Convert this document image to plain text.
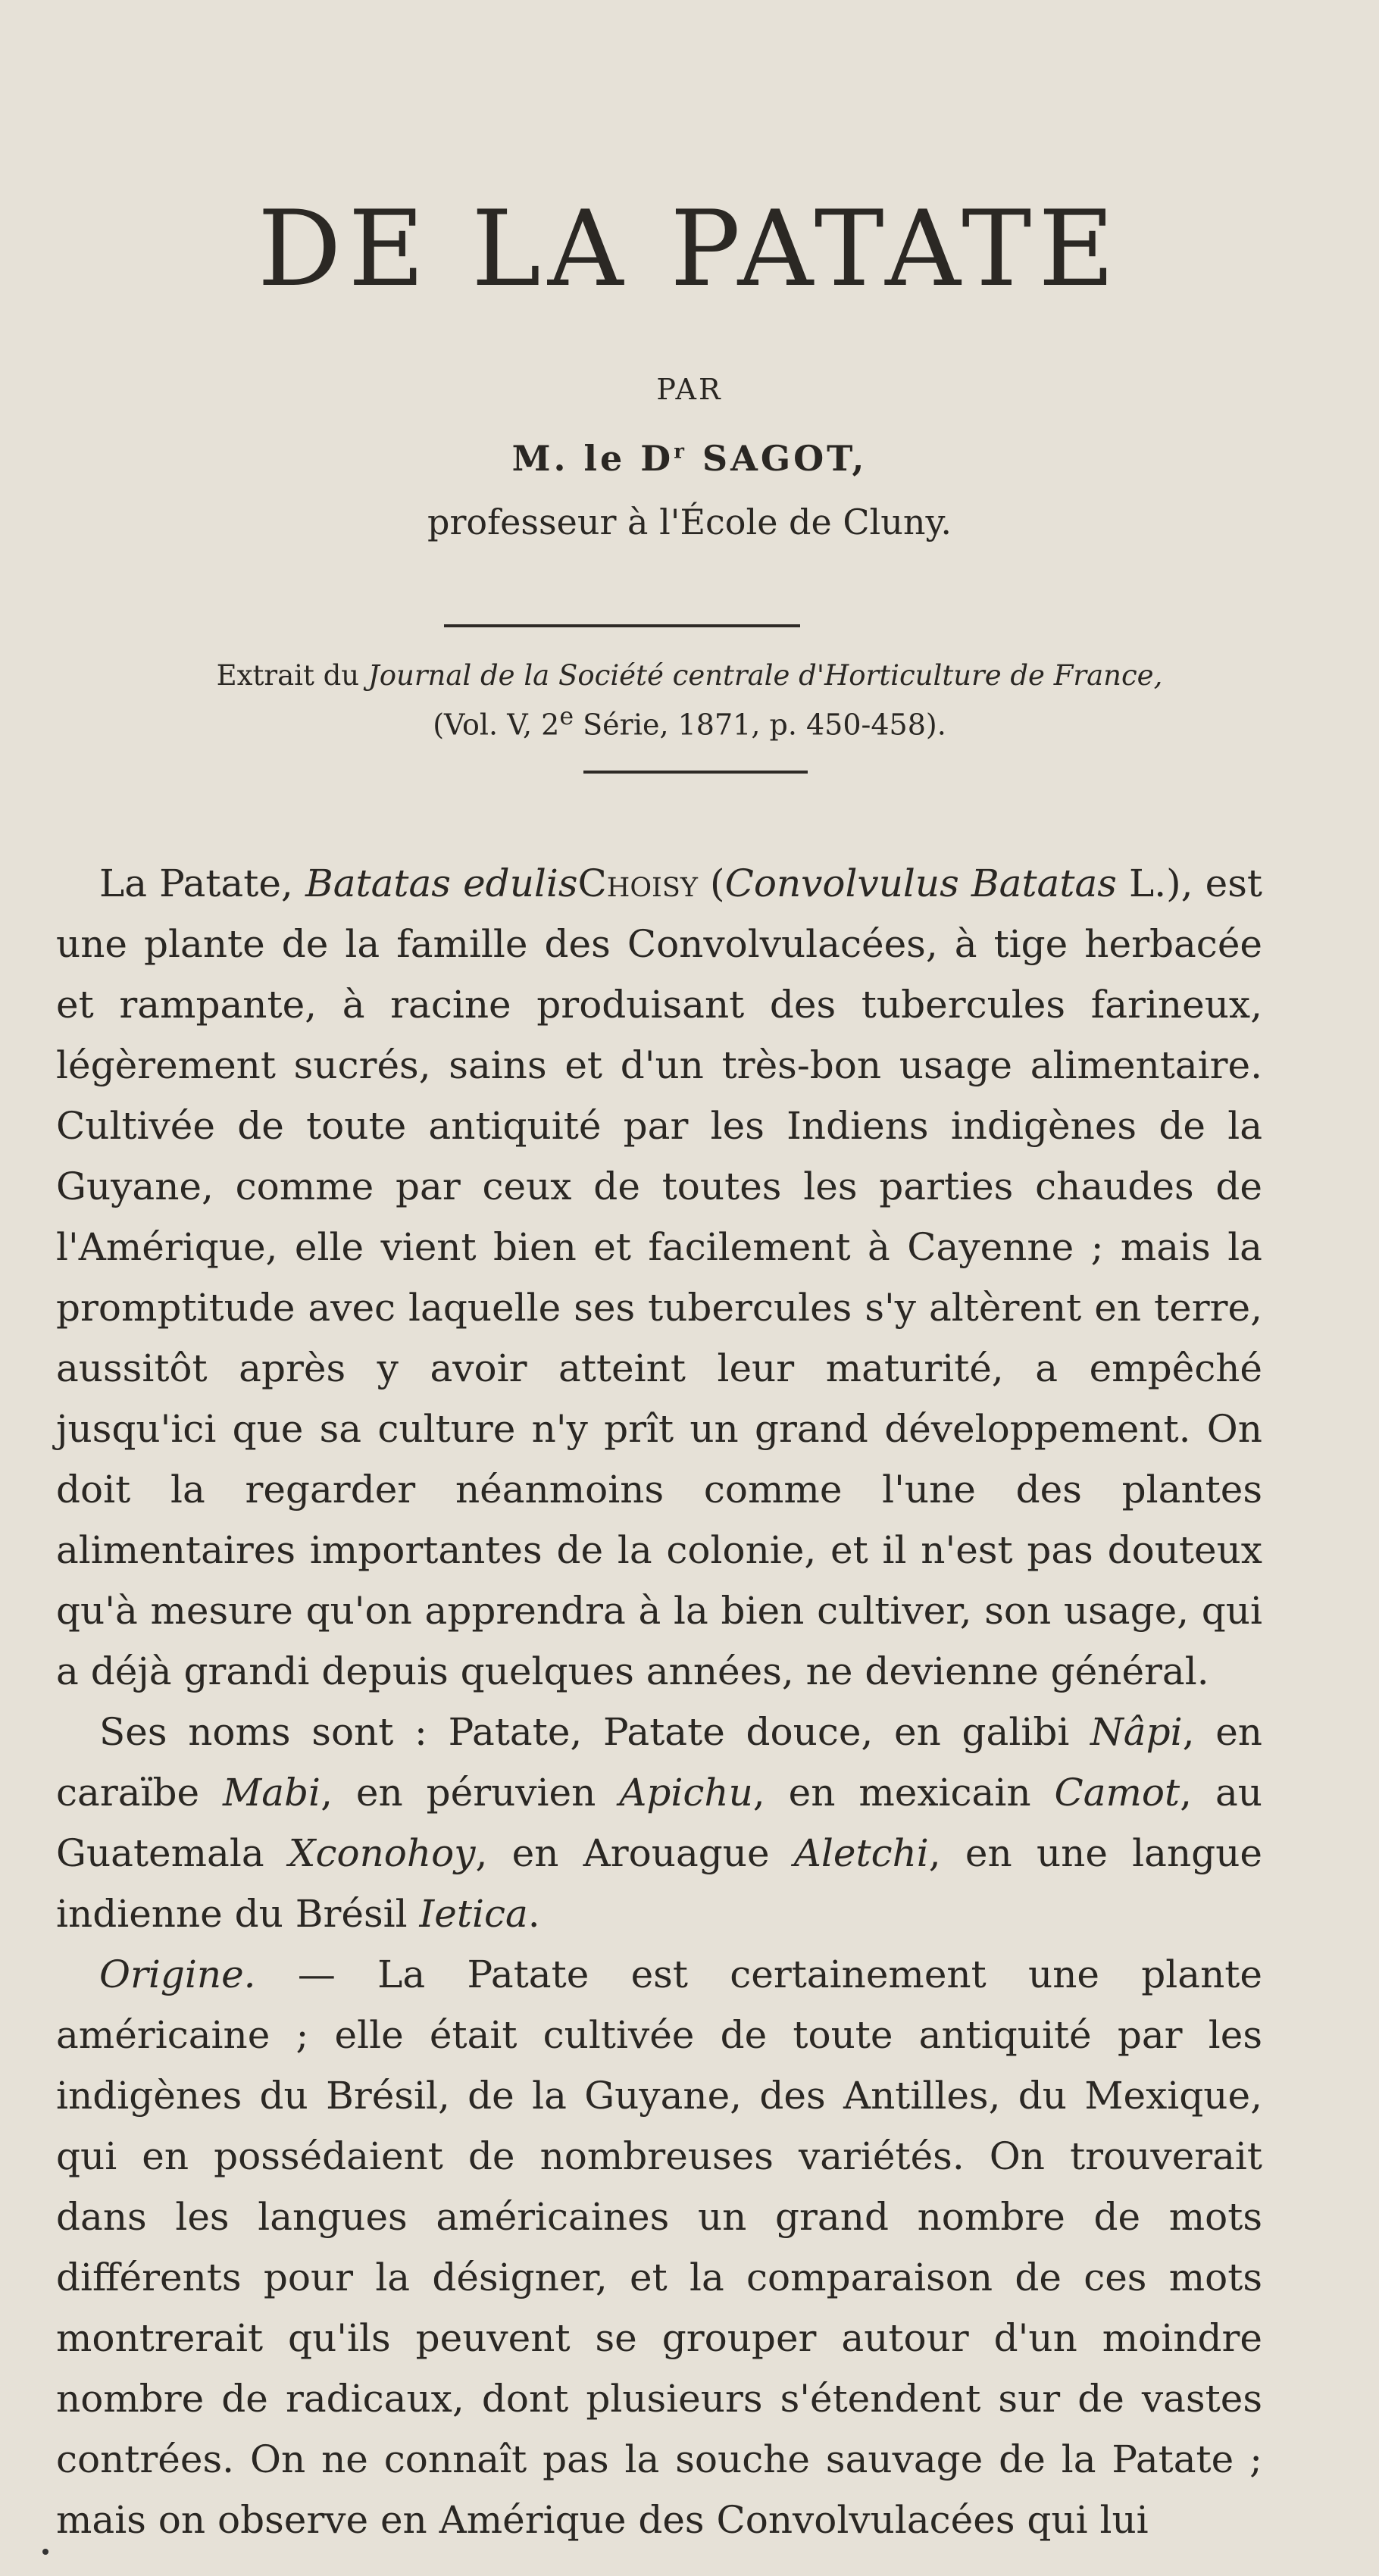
DE LA PATATE
PAR
M. le $D^r$ SAGOT,
professeur à l'École de Cluny.
Extrait du Journal de la Société centrale d'Horticulture de France,
(Vol. V, 2e Série, 1871, p. 450-458).

La Patate, Batatas edulisChoisy (Convolvulus Batatas L.), est une plante de la famille des Convolvulacées, à tige herbacée et rampante, à racine produisant des tubercules farineux, légèrement sucrés, sains et d'un très-bon usage alimentaire. Cultivée de toute antiquité par les Indiens indigènes de la Guyane, comme par ceux de toutes les parties chaudes de l'Amérique, elle vient bien et facilement à Cayenne ; mais la promptitude avec laquelle ses tubercules s'y altèrent en terre, aussitôt après y avoir atteint leur maturité, a empêché jusqu'ici que sa culture n'y prît un grand développement. On doit la regarder néanmoins comme l'une des plantes alimentaires importantes de la colonie, et il n'est pas douteux qu'à mesure qu'on apprendra à la bien cultiver, son usage, qui a déjà grandi depuis quelques années, ne devienne général.

Ses noms sont : Patate, Patate douce, en galibi Nâpi, en caraïbe Mabi, en péruvien Apichu, en mexicain Camot, au Guatemala Xconohoy, en Arouague Aletchi, en une langue indienne du Brésil Ietica.

Origine. — La Patate est certainement une plante américaine ; elle était cultivée de toute antiquité par les indigènes du Brésil, de la Guyane, des Antilles, du Mexique, qui en possédaient de nombreuses variétés. On trouverait dans les langues américaines un grand nombre de mots différents pour la désigner, et la comparaison de ces mots montrerait qu'ils peuvent se grouper autour d'un moindre nombre de radicaux, dont plusieurs s'étendent sur de vastes contrées. On ne connaît pas la souche sauvage de la Patate ; mais on observe en Amérique des Convolvulacées qui lui
